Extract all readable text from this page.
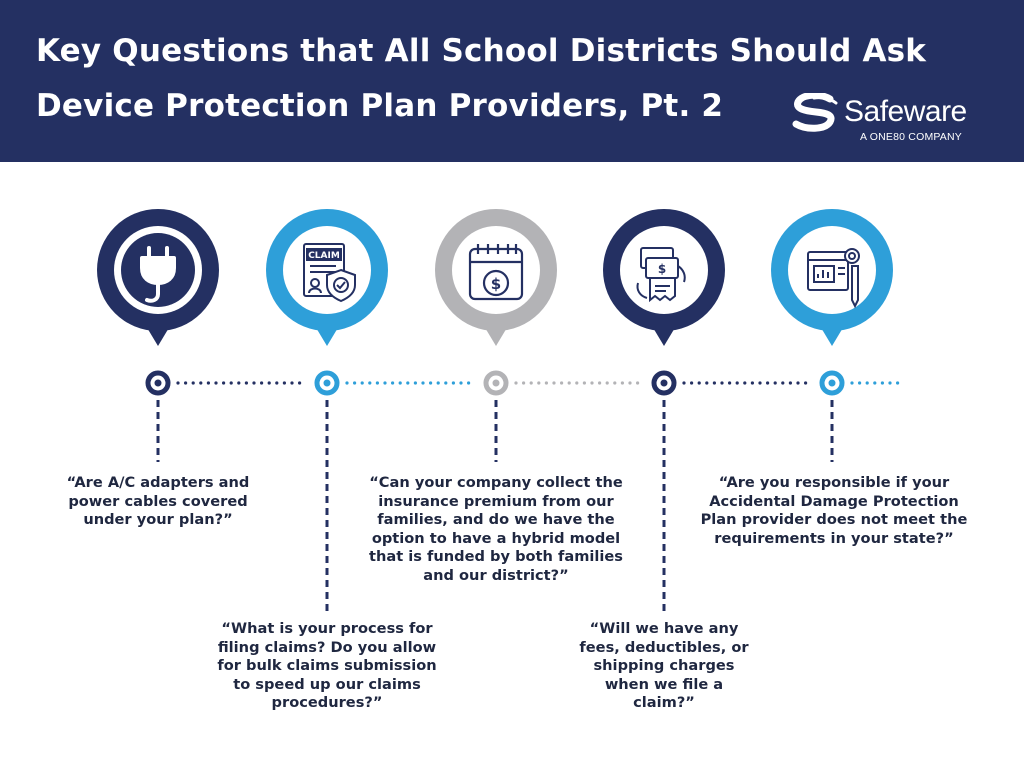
Key Questions that All School Districts Should Ask
Device Protection Plan Providers, Pt. 2	Safeware
A ONE80 COMPANY
CLAIM
$
$
“Are A/C adapters and power cables covered under your plan?”
“What is your process for filing claims? Do you allow for bulk claims submission to speed up our claims procedures?”
“Can your company collect the insurance premium from our families, and do we have the option to have a hybrid model that is funded by both families and our district?”
“Will we have any fees, deductibles, or shipping charges when we file a claim?”
“Are you responsible if your Accidental Damage Protection Plan provider does not meet the requirements in your state?”
